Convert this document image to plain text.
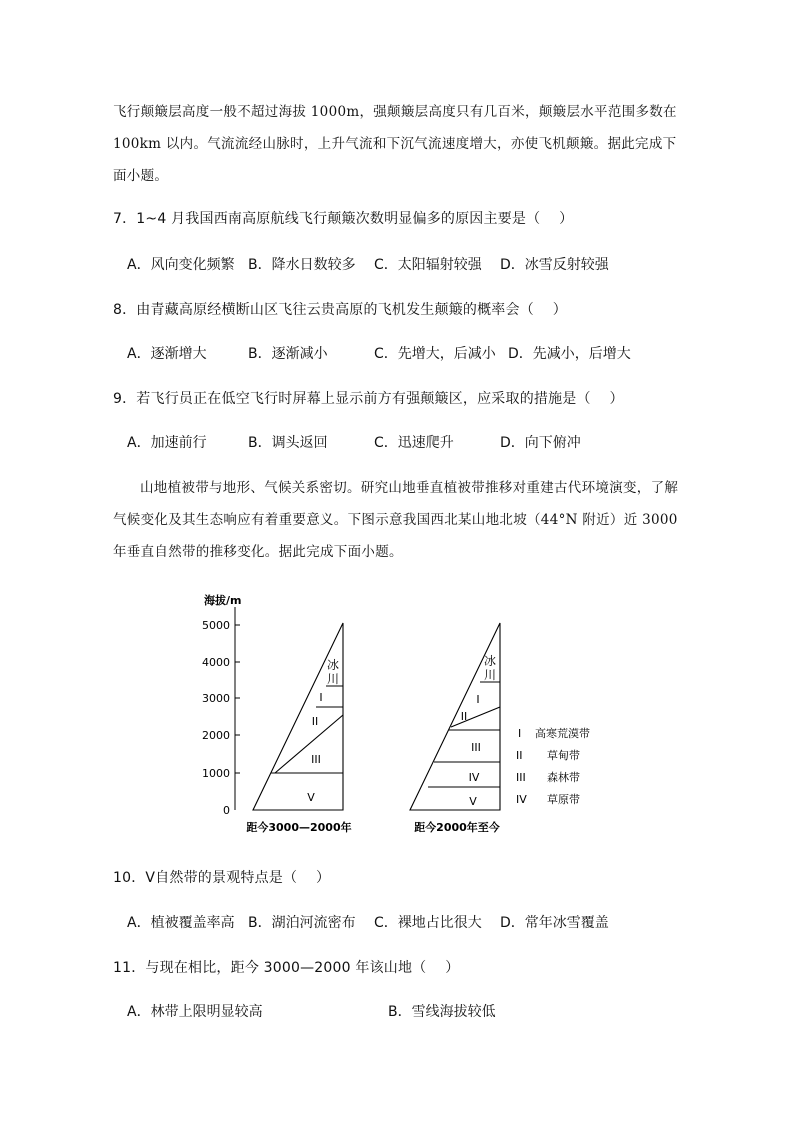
飞行颠簸层高度一般不超过海拔 1000m，强颠簸层高度只有几百米，颠簸层水平范围多数在 100km 以内。气流流经山脉时，上升气流和下沉气流速度增大，亦使飞机颠簸。据此完成下面小题。
7．1~4 月我国西南高原航线飞行颠簸次数明显偏多的原因主要是（　 ）
A．风向变化频繁 B．降水日数较多 C．太阳辐射较强 D．冰雪反射较强
8．由青藏高原经横断山区飞往云贵高原的飞机发生颠簸的概率会（　 ）
A．逐渐增大	B．逐渐减小	C．先增大，后减小 D．先减小，后增大
9．若飞行员正在低空飞行时屏幕上显示前方有强颠簸区，应采取的措施是（　 ）
A．加速前行	B．调头返回	C．迅速爬升	D．向下俯冲
山地植被带与地形、气候关系密切。研究山地垂直植被带推移对重建古代环境演变，了解气候变化及其生态响应有着重要意义。下图示意我国西北某山地北坡（44°N 附近）近 3000 年垂直自然带的推移变化。据此完成下面小题。
海拔/m
5000
4000
3000
2000
1000
0
冰
川
I
II
III
V
距今3000—2000年
冰
川
I
II
III
IV
V
距今2000年至今
I 高寒荒漠带
II 草甸带
III 森林带
IV 草原带
10．Ⅴ自然带的景观特点是（　 ）
A．植被覆盖率高 B．湖泊河流密布 C．裸地占比很大 D．常年冰雪覆盖
11．与现在相比，距今 3000—2000 年该山地（　 ）
A．林带上限明显较高	B．雪线海拔较低
